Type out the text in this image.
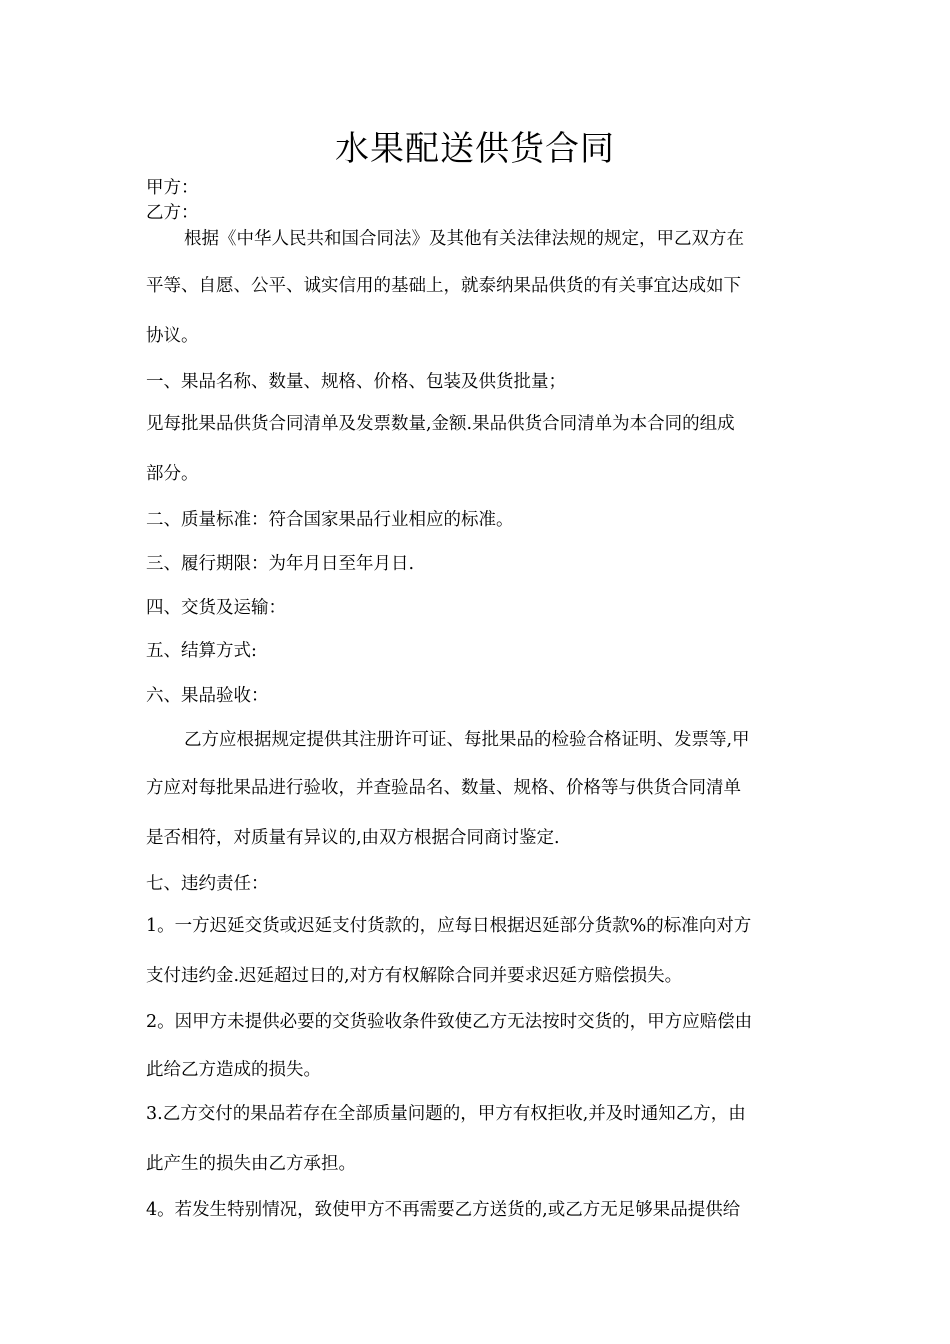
水果配送供货合同
甲方：
乙方：
根据《中华人民共和国合同法》及其他有关法律法规的规定，甲乙双方在
平等、自愿、公平、诚实信用的基础上，就泰纳果品供货的有关事宜达成如下
协议。
一、果品名称、数量、规格、价格、包装及供货批量；
见每批果品供货合同清单及发票数量,金额.果品供货合同清单为本合同的组成
部分。
二、质量标准：符合国家果品行业相应的标准。
三、履行期限：为年月日至年月日.
四、交货及运输：
五、结算方式:
六、果品验收：
乙方应根据规定提供其注册许可证、每批果品的检验合格证明、发票等,甲
方应对每批果品进行验收，并查验品名、数量、规格、价格等与供货合同清单
是否相符，对质量有异议的,由双方根据合同商讨鉴定.
七、违约责任：
1。一方迟延交货或迟延支付货款的，应每日根据迟延部分货款%的标准向对方
支付违约金.迟延超过日的,对方有权解除合同并要求迟延方赔偿损失。
2。因甲方未提供必要的交货验收条件致使乙方无法按时交货的，甲方应赔偿由
此给乙方造成的损失。
3.乙方交付的果品若存在全部质量问题的，甲方有权拒收,并及时通知乙方，由
此产生的损失由乙方承担。
4。若发生特别情况，致使甲方不再需要乙方送货的,或乙方无足够果品提供给
